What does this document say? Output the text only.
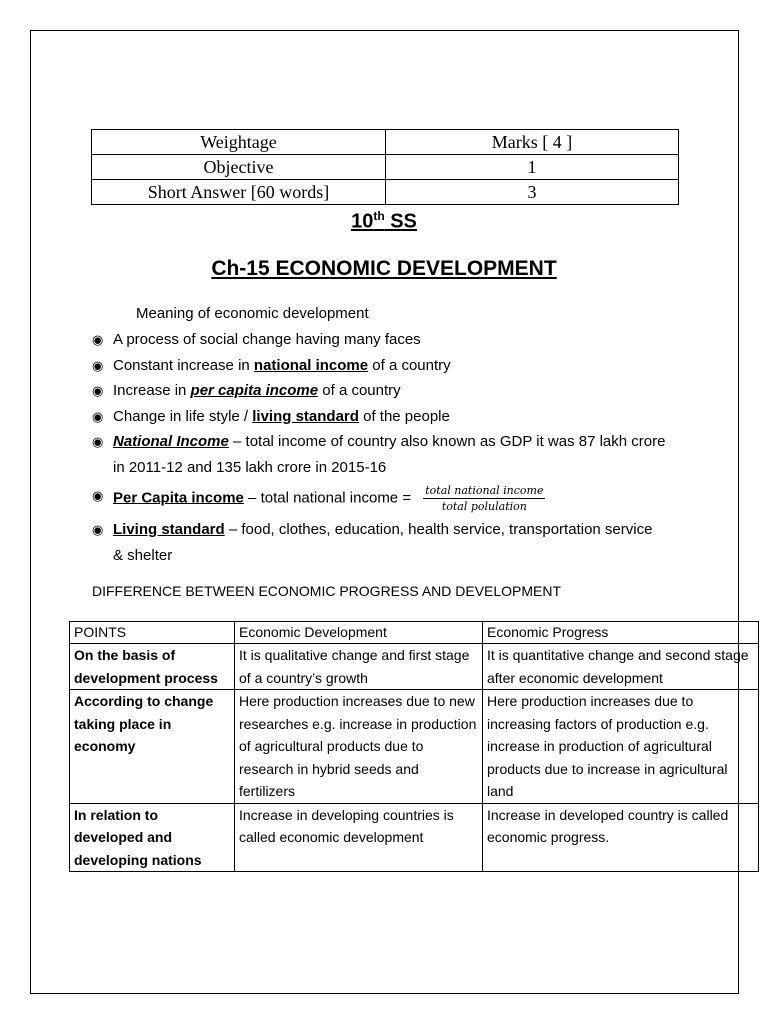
Weightage	Marks [ 4 ]
Objective	1
Short Answer [60 words]	3
10th SS
Ch-15 ECONOMIC DEVELOPMENT
Meaning of economic development
◉ A process of social change having many faces
◉ Constant increase in national income of a country
◉ Increase in per capita income of a country
◉ Change in life style / living standard of the people
◉ National Income – total income of country also known as GDP it was 87 lakh crore in 2011-12 and 135 lakh crore in 2015-16
◉ Per Capita income – total national income = $\frac{\text{total national income}}{\text{total polulation}}$
◉ Living standard – food, clothes, education, health service, transportation service & shelter
DIFFERENCE BETWEEN ECONOMIC PROGRESS AND DEVELOPMENT
POINTS	Economic Development	Economic Progress
On the basis of development process	It is qualitative change and first stage of a country’s growth	It is quantitative change and second stage after economic development
According to change taking place in economy	Here production increases due to new researches e.g. increase in production of agricultural products due to research in hybrid seeds and fertilizers	Here production increases due to increasing factors of production e.g. increase in production of agricultural products due to increase in agricultural land
In relation to developed and developing nations	Increase in developing countries is called economic development	Increase in developed country is called economic progress.
